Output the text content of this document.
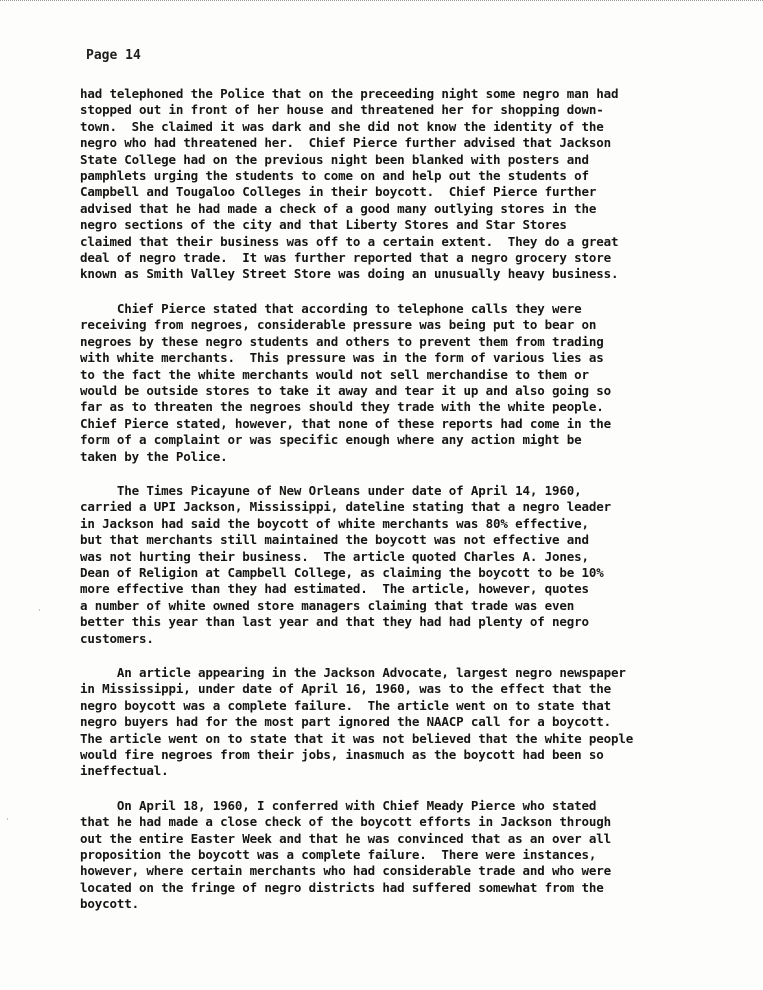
Page 14

had telephoned the Police that on the preceeding night some negro man had
stopped out in front of her house and threatened her for shopping down-
town.  She claimed it was dark and she did not know the identity of the
negro who had threatened her.  Chief Pierce further advised that Jackson
State College had on the previous night been blanked with posters and
pamphlets urging the students to come on and help out the students of
Campbell and Tougaloo Colleges in their boycott.  Chief Pierce further
advised that he had made a check of a good many outlying stores in the
negro sections of the city and that Liberty Stores and Star Stores
claimed that their business was off to a certain extent.  They do a great
deal of negro trade.  It was further reported that a negro grocery store
known as Smith Valley Street Store was doing an unusually heavy business.
Chief Pierce stated that according to telephone calls they were
receiving from negroes, considerable pressure was being put to bear on
negroes by these negro students and others to prevent them from trading
with white merchants.  This pressure was in the form of various lies as
to the fact the white merchants would not sell merchandise to them or
would be outside stores to take it away and tear it up and also going so
far as to threaten the negroes should they trade with the white people.
Chief Pierce stated, however, that none of these reports had come in the
form of a complaint or was specific enough where any action might be
taken by the Police.
The Times Picayune of New Orleans under date of April 14, 1960,
carried a UPI Jackson, Mississippi, dateline stating that a negro leader
in Jackson had said the boycott of white merchants was 80% effective,
but that merchants still maintained the boycott was not effective and
was not hurting their business.  The article quoted Charles A. Jones,
Dean of Religion at Campbell College, as claiming the boycott to be 10%
more effective than they had estimated.  The article, however, quotes
a number of white owned store managers claiming that trade was even
better this year than last year and that they had had plenty of negro
customers.
An article appearing in the Jackson Advocate, largest negro newspaper
in Mississippi, under date of April 16, 1960, was to the effect that the
negro boycott was a complete failure.  The article went on to state that
negro buyers had for the most part ignored the NAACP call for a boycott.
The article went on to state that it was not believed that the white people
would fire negroes from their jobs, inasmuch as the boycott had been so
ineffectual.
On April 18, 1960, I conferred with Chief Meady Pierce who stated
that he had made a close check of the boycott efforts in Jackson through
out the entire Easter Week and that he was convinced that as an over all
proposition the boycott was a complete failure.  There were instances,
however, where certain merchants who had considerable trade and who were
located on the fringe of negro districts had suffered somewhat from the
boycott.
·
·
